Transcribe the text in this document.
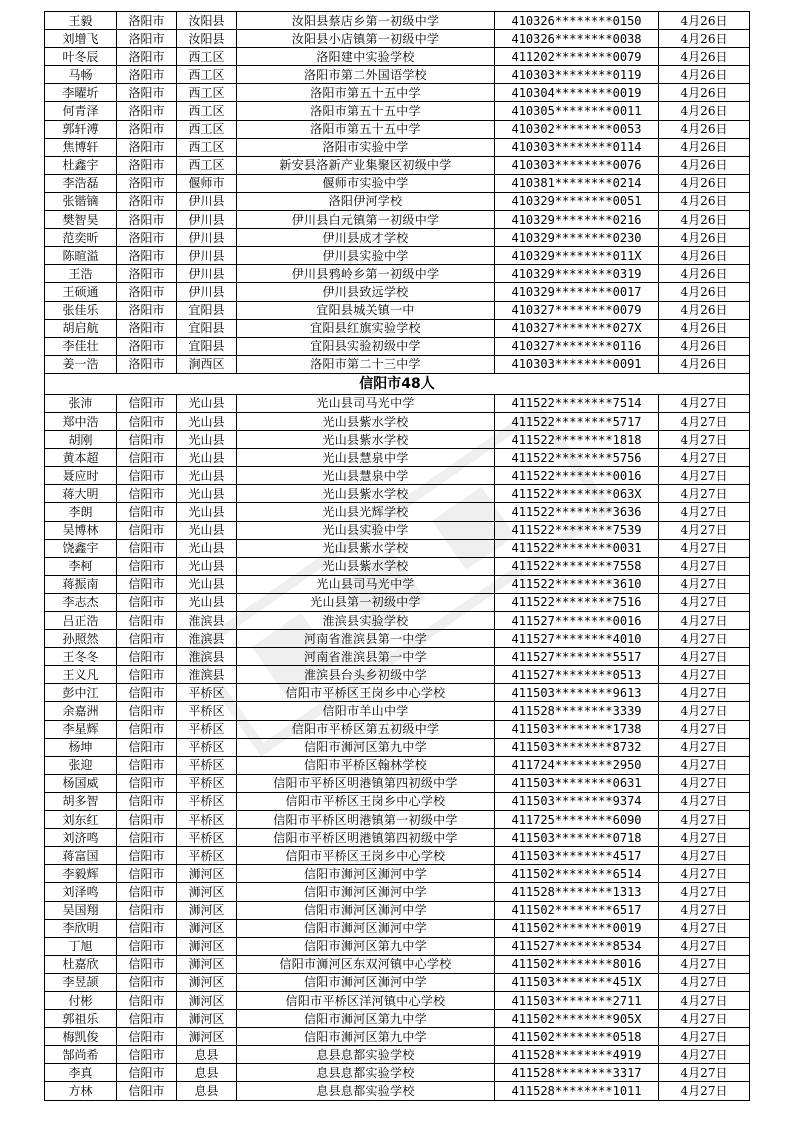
王毅	洛阳市	汝阳县	汝阳县蔡店乡第一初级中学	410326********0150	4月26日
刘增飞	洛阳市	汝阳县	汝阳县小店镇第一初级中学	410326********0038	4月26日
叶冬辰	洛阳市	西工区	洛阳建中实验学校	411202********0079	4月26日
马畅	洛阳市	西工区	洛阳市第二外国语学校	410303********0119	4月26日
李曜圻	洛阳市	西工区	洛阳市第五十五中学	410304********0019	4月26日
何青泽	洛阳市	西工区	洛阳市第五十五中学	410305********0011	4月26日
郭轩溥	洛阳市	西工区	洛阳市第五十五中学	410302********0053	4月26日
焦博轩	洛阳市	西工区	洛阳市实验中学	410303********0114	4月26日
杜鑫宇	洛阳市	西工区	新安县洛新产业集聚区初级中学	410303********0076	4月26日
李浩磊	洛阳市	偃师市	偃师市实验中学	410381********0214	4月26日
张锴镝	洛阳市	伊川县	洛阳伊河学校	410329********0051	4月26日
樊智昊	洛阳市	伊川县	伊川县白元镇第一初级中学	410329********0216	4月26日
范奕昕	洛阳市	伊川县	伊川县成才学校	410329********0230	4月26日
陈暄溢	洛阳市	伊川县	伊川县实验中学	410329********011X	4月26日
王浩	洛阳市	伊川县	伊川县鸦岭乡第一初级中学	410329********0319	4月26日
王硕通	洛阳市	伊川县	伊川县致远学校	410329********0017	4月26日
张佳乐	洛阳市	宜阳县	宜阳县城关镇一中	410327********0079	4月26日
胡启航	洛阳市	宜阳县	宜阳县红旗实验学校	410327********027X	4月26日
李佳壮	洛阳市	宜阳县	宜阳县实验初级中学	410327********0116	4月26日
姜一浩	洛阳市	涧西区	洛阳市第二十三中学	410303********0091	4月26日
信阳市48人					
张沛	信阳市	光山县	光山县司马光中学	411522********7514	4月27日
郑中浩	信阳市	光山县	光山县紫水学校	411522********5717	4月27日
胡刚	信阳市	光山县	光山县紫水学校	411522********1818	4月27日
黄本超	信阳市	光山县	光山县慧泉中学	411522********5756	4月27日
聂应时	信阳市	光山县	光山县慧泉中学	411522********0016	4月27日
蒋大明	信阳市	光山县	光山县紫水学校	411522********063X	4月27日
李朗	信阳市	光山县	光山县光辉学校	411522********3636	4月27日
吴博林	信阳市	光山县	光山县实验中学	411522********7539	4月27日
饶鑫宇	信阳市	光山县	光山县紫水学校	411522********0031	4月27日
李柯	信阳市	光山县	光山县紫水学校	411522********7558	4月27日
蒋振南	信阳市	光山县	光山县司马光中学	411522********3610	4月27日
李志杰	信阳市	光山县	光山县第一初级中学	411522********7516	4月27日
吕正浩	信阳市	淮滨县	淮滨县实验学校	411527********0016	4月27日
孙照然	信阳市	淮滨县	河南省淮滨县第一中学	411527********4010	4月27日
王冬冬	信阳市	淮滨县	河南省淮滨县第一中学	411527********5517	4月27日
王义凡	信阳市	淮滨县	淮滨县台头乡初级中学	411527********0513	4月27日
彭中江	信阳市	平桥区	信阳市平桥区王岗乡中心学校	411503********9613	4月27日
余嘉洲	信阳市	平桥区	信阳市羊山中学	411528********3339	4月27日
李星辉	信阳市	平桥区	信阳市平桥区第五初级中学	411503********1738	4月27日
杨坤	信阳市	平桥区	信阳市浉河区第九中学	411503********8732	4月27日
张迎	信阳市	平桥区	信阳市平桥区翰林学校	411724********2950	4月27日
杨国威	信阳市	平桥区	信阳市平桥区明港镇第四初级中学	411503********0631	4月27日
胡多智	信阳市	平桥区	信阳市平桥区王岗乡中心学校	411503********9374	4月27日
刘东红	信阳市	平桥区	信阳市平桥区明港镇第一初级中学	411725********6090	4月27日
刘济鸣	信阳市	平桥区	信阳市平桥区明港镇第四初级中学	411503********0718	4月27日
蒋富国	信阳市	平桥区	信阳市平桥区王岗乡中心学校	411503********4517	4月27日
李毅辉	信阳市	浉河区	信阳市浉河区浉河中学	411502********6514	4月27日
刘泽鸣	信阳市	浉河区	信阳市浉河区浉河中学	411528********1313	4月27日
吴国翔	信阳市	浉河区	信阳市浉河区浉河中学	411502********6517	4月27日
李欣明	信阳市	浉河区	信阳市浉河区浉河中学	411502********0019	4月27日
丁旭	信阳市	浉河区	信阳市浉河区第九中学	411527********8534	4月27日
杜嘉欣	信阳市	浉河区	信阳市浉河区东双河镇中心学校	411502********8016	4月27日
李昱颉	信阳市	浉河区	信阳市浉河区浉河中学	411503********451X	4月27日
付彬	信阳市	浉河区	信阳市平桥区洋河镇中心学校	411503********2711	4月27日
郭祖乐	信阳市	浉河区	信阳市浉河区第九中学	411502********905X	4月27日
梅凯俊	信阳市	浉河区	信阳市浉河区第九中学	411502********0518	4月27日
郜尚希	信阳市	息县	息县息都实验学校	411528********4919	4月27日
李真	信阳市	息县	息县息都实验学校	411528********3317	4月27日
方林	信阳市	息县	息县息都实验学校	411528********1011	4月27日
